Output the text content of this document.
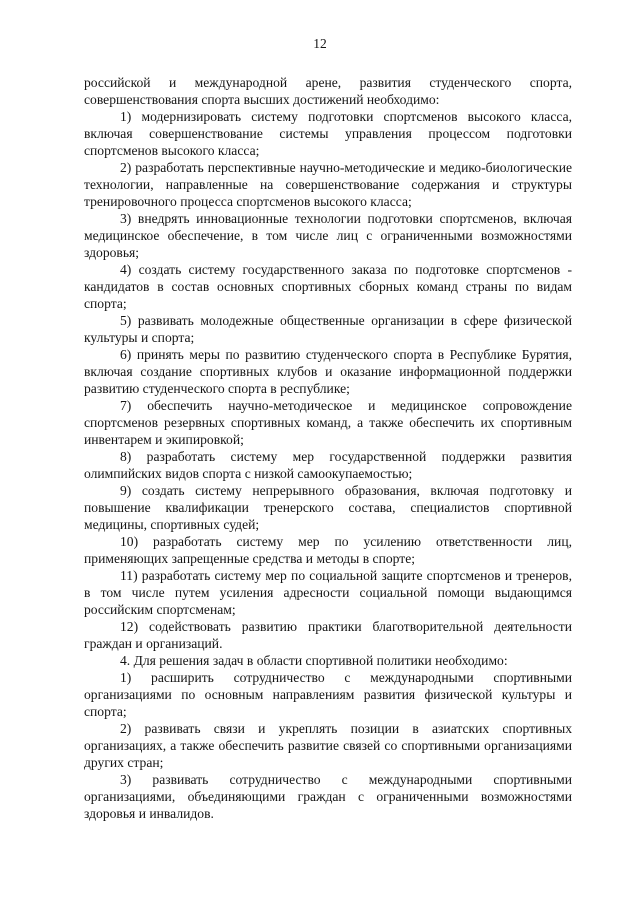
12

российской и международной арене, развития студенческого спорта, совершенствования спорта высших достижений необходимо:

1) модернизировать систему подготовки спортсменов высокого класса, включая совершенствование системы управления процессом подготовки спортсменов высокого класса;

2) разработать перспективные научно-методические и медико-биологические технологии, направленные на совершенствование содержания и структуры тренировочного процесса спортсменов высокого класса;

3) внедрять инновационные технологии подготовки спортсменов, включая медицинское обеспечение, в том числе лиц с ограниченными возможностями здоровья;

4) создать систему государственного заказа по подготовке спортсменов - кандидатов в состав основных спортивных сборных команд страны по видам спорта;

5) развивать молодежные общественные организации в сфере физической культуры и спорта;

6) принять меры по развитию студенческого спорта в Республике Бурятия, включая создание спортивных клубов и оказание информационной поддержки развитию студенческого спорта в республике;

7) обеспечить научно-методическое и медицинское сопровождение спортсменов резервных спортивных команд, а также обеспечить их спортивным инвентарем и экипировкой;

8) разработать систему мер государственной поддержки развития олимпийских видов спорта с низкой самоокупаемостью;

9) создать систему непрерывного образования, включая подготовку и повышение квалификации тренерского состава, специалистов спортивной медицины, спортивных судей;

10) разработать систему мер по усилению ответственности лиц, применяющих запрещенные средства и методы в спорте;

11) разработать систему мер по социальной защите спортсменов и тренеров, в том числе путем усиления адресности социальной помощи выдающимся российским спортсменам;

12) содействовать развитию практики благотворительной деятельности граждан и организаций.

4. Для решения задач в области спортивной политики необходимо:

1) расширить сотрудничество с международными спортивными организациями по основным направлениям развития физической культуры и спорта;

2) развивать связи и укреплять позиции в азиатских спортивных организациях, а также обеспечить развитие связей со спортивными организациями других стран;

3) развивать сотрудничество с международными спортивными организациями, объединяющими граждан с ограниченными возможностями здоровья и инвалидов.
